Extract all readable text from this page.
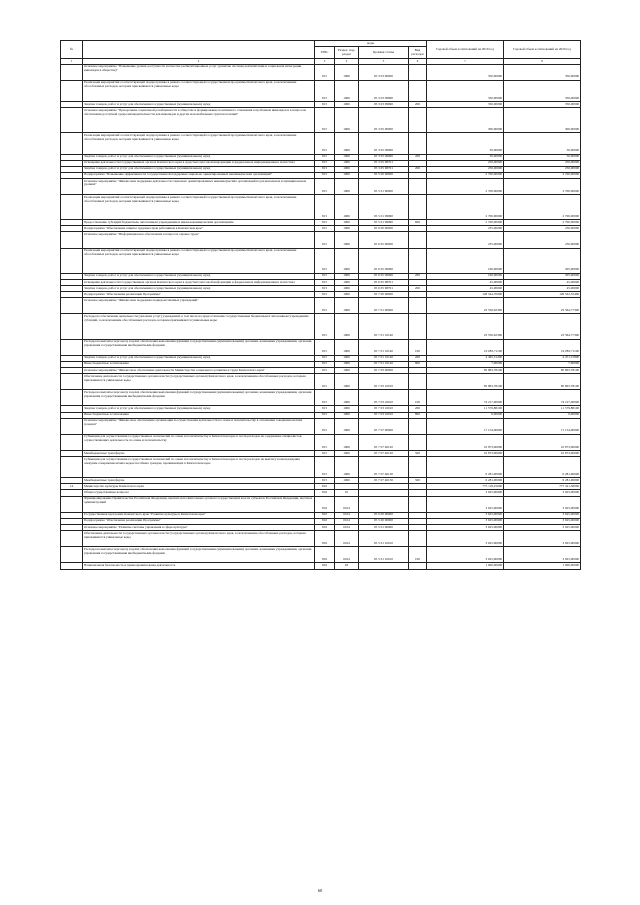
№		коды				Годовой объем ассигнований на 2019 год	Годовой объем ассигнований на 2020 год
		ГРБС	Раздел, под-раздел	Целевая статья	Вид расходов		
1	2	3	4	5	6	7	8
	Основное мероприятие "Повышение уровня доступности и качества реабилитационных услуг (развитие системы реабилитации и социальной интеграции инвалидов в обществе)"	815	1006	05 3 03 00000		350,00000	350,00000
	Реализация мероприятий соответствующей подпрограммы в рамках соответствующей государственной программы Камчатского края, за исключением обособленных расходов, которым присваиваются уникальные коды	815	1006	05 3 03 09990		350,00000	350,00000
	Закупка товаров, работ и услуг для обеспечения государственных (муниципальных) нужд	815	1006	05 3 03 09990	200	350,00000	350,00000
	Основное мероприятие "Преодоление социальной разобщенности в обществе и формирование позитивного отношения к проблемам инвалидов и к вопросам обеспечения доступной среды жизнедеятельности для инвалидов и других маломобильных групп населения"	815	1006	05 3 05 00000		300,00000	300,00000
	Реализация мероприятий соответствующей подпрограммы в рамках соответствующей государственной программы Камчатского края, за исключением обособленных расходов, которым присваиваются уникальные коды	815	1006	05 3 05 09990		50,00000	50,00000
	Закупка товаров, работ и услуг для обеспечения государственных (муниципальных) нужд	815	1006	05 3 05 09990	200	50,00000	50,00000
	Освещение деятельности государственных органов Камчатского края в средствах массовой информации и федеральных информационных агентствах	815	1006	05 3 05 98701		250,00000	250,00000
	Закупка товаров, работ и услуг для обеспечения государственных (муниципальных) нужд	815	1006	05 3 05 98701	200	250,00000	250,00000
	Подпрограмма "Повышение эффективности государственной поддержки социально ориентированных некоммерческих организаций"	815	1006	05 5 00 00000		2 700,00000	2 700,00000
	Основное мероприятие "Финансовая поддержка деятельности социально ориентированных некоммерческих организаций на региональном и муниципальном уровнях"	815	1006	05 5 01 00000		2 700,00000	2 700,00000
	Реализация мероприятий соответствующей подпрограммы в рамках соответствующей государственной программы Камчатского края, за исключением обособленных расходов, которым присваиваются уникальные коды	815	1006	05 5 01 09990		2 700,00000	2 700,00000
	Предоставление субсидий бюджетным, автономным учреждениям и иным некоммерческим организациям	815	1006	05 5 01 09990	600	2 700,00000	2 700,00000
	Подпрограмма "Обеспечение защиты трудовых прав работников в Камчатском крае"	815	1006	05 6 00 00000		235,00000	250,00000
	Основное мероприятие "Информационное обеспечение в вопросах охраны труда"	815	1006	05 6 05 00000		235,00000	250,00000
	Реализация мероприятий соответствующей подпрограммы в рамках соответствующей государственной программы Камчатского края, за исключением обособленных расходов, которым присваиваются уникальные коды	815	1006	05 6 05 09990		190,00000	205,00000
	Закупка товаров, работ и услуг для обеспечения государственных (муниципальных) нужд	815	1006	05 6 05 09990	200	190,00000	205,00000
	Освещение деятельности государственных органов Камчатского края в средствах массовой информации и федеральных информационных агентствах	815	1006	05 6 05 98701		45,00000	45,00000
	Закупка товаров, работ и услуг для обеспечения государственных (муниципальных) нужд	815	1006	05 6 05 98701	200	45,00000	45,00000
	Подпрограмма "Обеспечение реализации Программы"	815	1006	05 7 00 00000		128 544,70000	126 522,55400
	Основное мероприятие "Финансовая поддержка подведомственных учреждений"	815	1006	05 7 01 00000		23 556,92300	23 564,77300
	Расходы на обеспечение деятельности (оказание услуг) учреждений, в том числе на предоставление государственным бюджетным и автономным учреждениям субсидий, за исключением обособленных расходов, которым присваиваются уникальные коды	815	1006	05 7 01 10140		23 556,92300	23 564,77300
	Расходы на выплаты персоналу в целях обеспечения выполнения функций государственными (муниципальными) органами, казенными учреждениями, органами управления государственными внебюджетными фондами	815	1006	05 7 01 10140	100	19 083,71100	19 083,71100
	Закупка товаров, работ и услуг для обеспечения государственных (муниципальных) нужд	815	1006	05 7 01 10140	200	4 465,31200	4 471,15800
	Иные бюджетные ассигнования	815	1006	05 7 01 10140	800	7,90000	7,90000
	Основное мероприятие "Финансовое обеспечение деятельности Министерства социального развития и труда Камчатского края"	815	1006	05 7 03 00000		85 803,78100	85 803,78100
	Обеспечение деятельности государственных органов власти (государственных органов) Камчатского края, за исключением обособленных расходов, которым присваиваются уникальные коды	815	1006	05 7 03 10010		85 803,78100	85 803,78100
	Расходы на выплаты персоналу в целях обеспечения выполнения функций государственными (муниципальными) органами, казенными учреждениями, органами управления государственными внебюджетными фондами	815	1006	05 7 03 10010	100	74 217,00000	74 217,00000
	Закупка товаров, работ и услуг для обеспечения государственных (муниципальных) нужд	815	1006	05 7 03 10010	200	11 579,88100	11 579,88100
	Иные бюджетные ассигнования	815	1006	05 7 03 10010	800	6,90000	6,90000
	Основное мероприятие "Финансовое обеспечение организации и осуществления деятельности по опеке и попечительству в отношении совершеннолетних граждан"	815	1006	05 7 07 00000		17 154,00000	17 154,00000
	Субвенции для осуществления государственных полномочий по опеке и попечительству в Камчатском крае в части расходов на содержание специалистов, осуществляющих деятельность по опеке и попечительству	815	1006	05 7 07 40120		10 873,00000	10 873,00000
	Межбюджетные трансферты	815	1006	05 7 07 40120	500	10 873,00000	10 873,00000
	Субвенции для осуществления государственных полномочий по опеке и попечительству в Камчатском крае в части расходов на выплату вознаграждения опекунам совершеннолетних недееспособных граждан, проживающих в Камчатском крае	815	1006	05 7 07 40130		6 281,00000	6 281,00000
	Межбюджетные трансферты	815	1006	05 7 07 40130	500	6 281,00000	6 281,00000
14	Министерство культуры Камчатского края	816				775 118,25000	777 321,38000
	Общегосударственные вопросы	816	01			3 625,00000	3 625,00000
	Функционирование Правительства Российской Федерации, высших исполнительных органов государственной власти субъектов Российской Федерации, местных администраций	816	0104			3 625,00000	3 625,00000
	Государственная программа Камчатского края "Развитие культуры в Камчатском крае"	816	0104	05 0 00 00000		3 625,00000	3 625,00000
	Подпрограмма "Обеспечение реализации Программы"	816	0104	05 5 00 00000		3 625,00000	3 625,00000
	Основное мероприятие "Развитие системы управления в сфере культуры"	816	0104	05 5 01 00000		3 625,00000	3 625,00000
	Обеспечение деятельности государственных органов власти (государственных органов) Камчатского края, за исключением обособленных расходов, которым присваиваются уникальные коды	816	0104	05 5 01 10010		3 625,00000	3 625,00000
	Расходы на выплаты персоналу в целях обеспечения выполнения функций государственными (муниципальными) органами, казенными учреждениями, органами управления государственными внебюджетными фондами	816	0104	05 5 01 10010	100	3 625,00000	3 625,00000
	Национальная безопасность и правоохранительная деятельность	816	03			1 000,00000	1 000,00000
60
